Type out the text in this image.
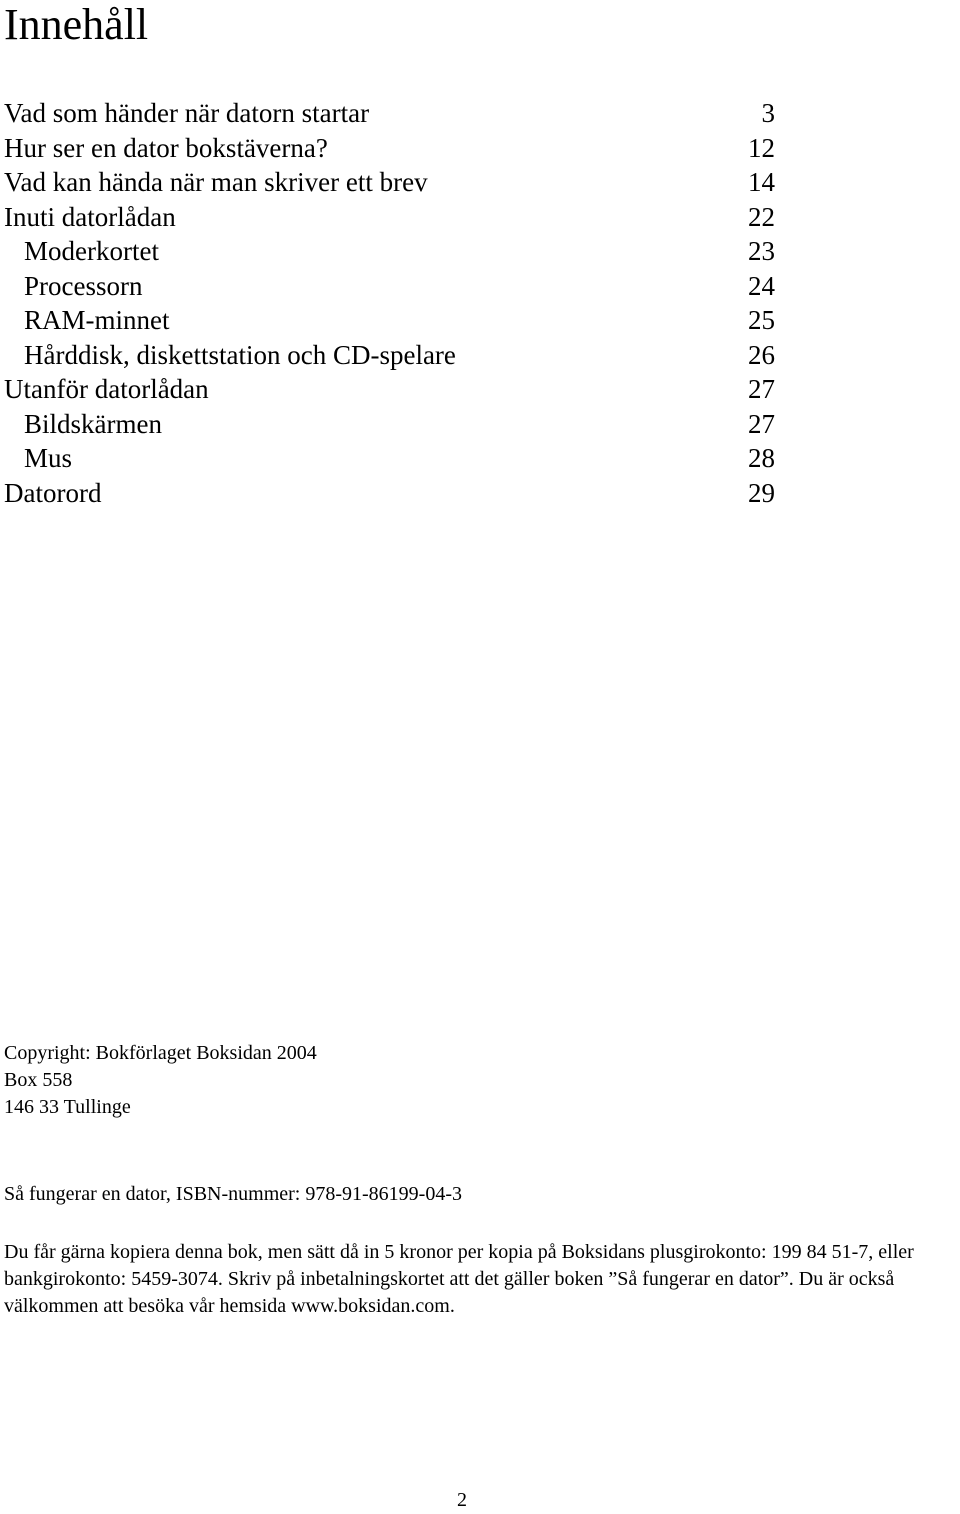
Innehåll
Vad som händer när datorn startar	3
Hur ser en dator bokstäverna?	12
Vad kan hända när man skriver ett brev	14
Inuti datorlådan	22
Moderkortet	23
Processorn	24
RAM-minnet	25
Hårddisk, diskettstation och CD-spelare	26
Utanför datorlådan	27
Bildskärmen	27
Mus	28
Datorord	29
Copyright: Bokförlaget Boksidan 2004
Box 558
146 33 Tullinge
Så fungerar en dator, ISBN-nummer: 978-91-86199-04-3

Du får gärna kopiera denna bok, men sätt då in 5 kronor per kopia på Boksidans plusgirokonto: 199 84 51-7, eller bankgirokonto: 5459-3074. Skriv på inbetalningskortet att det gäller boken ”Så fungerar en dator”. Du är också välkommen att besöka vår hemsida www.boksidan.com.

2
